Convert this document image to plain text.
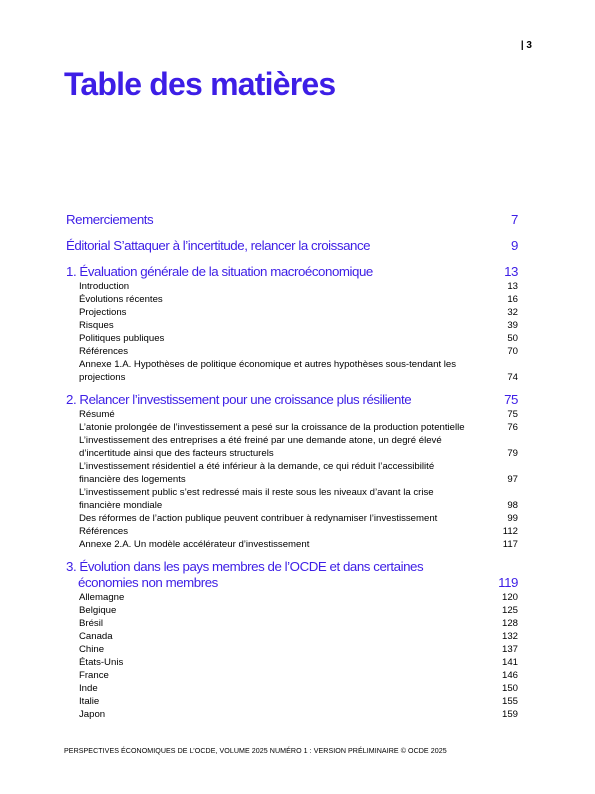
| 3
Table des matières
Remerciements	7
Éditorial S’attaquer à l’incertitude, relancer la croissance	9
1. Évaluation générale de la situation macroéconomique	13
Introduction	13
Évolutions récentes	16
Projections	32
Risques	39
Politiques publiques	50
Références	70
Annexe 1.A. Hypothèses de politique économique et autres hypothèses sous-tendant les projections	74
2. Relancer l’investissement pour une croissance plus résiliente	75
Résumé	75
L’atonie prolongée de l’investissement a pesé sur la croissance de la production potentielle	76
L’investissement des entreprises a été freiné par une demande atone, un degré élevé d’incertitude ainsi que des facteurs structurels	79
L’investissement résidentiel a été inférieur à la demande, ce qui réduit l’accessibilité financière des logements	97
L’investissement public s’est redressé mais il reste sous les niveaux d’avant la crise financière mondiale	98
Des réformes de l’action publique peuvent contribuer à redynamiser l’investissement	99
Références	112
Annexe 2.A. Un modèle accélérateur d’investissement	117
3. Évolution dans les pays membres de l’OCDE et dans certaines économies non membres	119
Allemagne	120
Belgique	125
Brésil	128
Canada	132
Chine	137
États-Unis	141
France	146
Inde	150
Italie	155
Japon	159
PERSPECTIVES ÉCONOMIQUES DE L’OCDE, VOLUME 2025 NUMÉRO 1 : VERSION PRÉLIMINAIRE © OCDE 2025
